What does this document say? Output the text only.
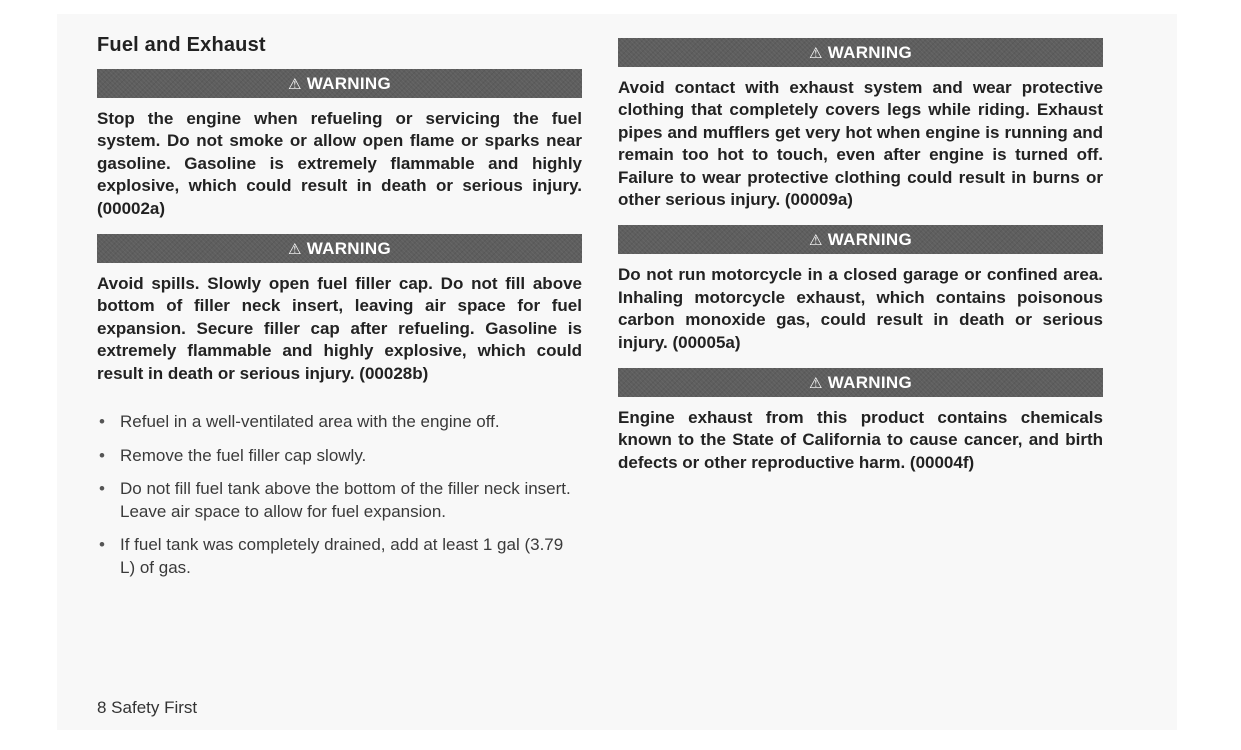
Fuel and Exhaust
⚠ WARNING
Stop the engine when refueling or servicing the fuel system. Do not smoke or allow open flame or sparks near gasoline. Gasoline is extremely flammable and highly explosive, which could result in death or serious injury. (00002a)
⚠ WARNING
Avoid spills. Slowly open fuel filler cap. Do not fill above bottom of filler neck insert, leaving air space for fuel expansion. Secure filler cap after refueling. Gasoline is extremely flammable and highly explosive, which could result in death or serious injury. (00028b)
• Refuel in a well-ventilated area with the engine off.
• Remove the fuel filler cap slowly.
• Do not fill fuel tank above the bottom of the filler neck insert. Leave air space to allow for fuel expansion.
• If fuel tank was completely drained, add at least 1 gal (3.79 L) of gas.
⚠ WARNING
Avoid contact with exhaust system and wear protective clothing that completely covers legs while riding. Exhaust pipes and mufflers get very hot when engine is running and remain too hot to touch, even after engine is turned off. Failure to wear protective clothing could result in burns or other serious injury. (00009a)
⚠ WARNING
Do not run motorcycle in a closed garage or confined area. Inhaling motorcycle exhaust, which contains poisonous carbon monoxide gas, could result in death or serious injury. (00005a)
⚠ WARNING
Engine exhaust from this product contains chemicals known to the State of California to cause cancer, and birth defects or other reproductive harm. (00004f)
8 Safety First
